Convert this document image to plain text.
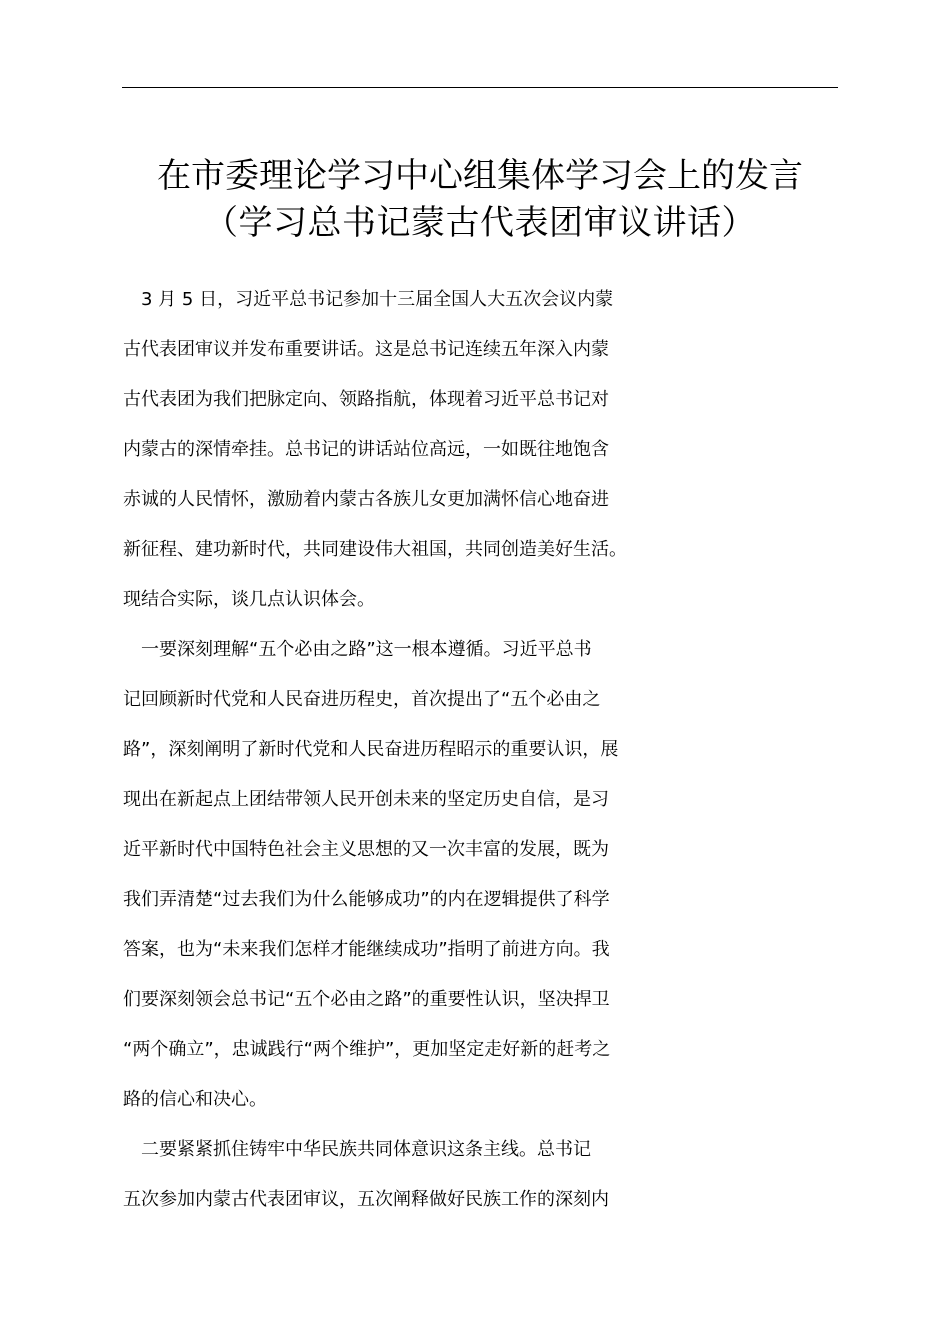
在市委理论学习中心组集体学习会上的发言
（学习总书记蒙古代表团审议讲话）
　3 月 5 日，习近平总书记参加十三届全国人大五次会议内蒙
古代表团审议并发布重要讲话。这是总书记连续五年深入内蒙
古代表团为我们把脉定向、领路指航，体现着习近平总书记对
内蒙古的深情牵挂。总书记的讲话站位高远，一如既往地饱含
赤诚的人民情怀，激励着内蒙古各族儿女更加满怀信心地奋进
新征程、建功新时代，共同建设伟大祖国，共同创造美好生活。
现结合实际，谈几点认识体会。
　一要深刻理解“五个必由之路”这一根本遵循。习近平总书
记回顾新时代党和人民奋进历程史，首次提出了“五个必由之
路”，深刻阐明了新时代党和人民奋进历程昭示的重要认识，展
现出在新起点上团结带领人民开创未来的坚定历史自信，是习
近平新时代中国特色社会主义思想的又一次丰富的发展，既为
我们弄清楚“过去我们为什么能够成功”的内在逻辑提供了科学
答案，也为“未来我们怎样才能继续成功”指明了前进方向。我
们要深刻领会总书记“五个必由之路”的重要性认识，坚决捍卫
“两个确立”，忠诚践行“两个维护”，更加坚定走好新的赶考之
路的信心和决心。
　二要紧紧抓住铸牢中华民族共同体意识这条主线。总书记
五次参加内蒙古代表团审议，五次阐释做好民族工作的深刻内
